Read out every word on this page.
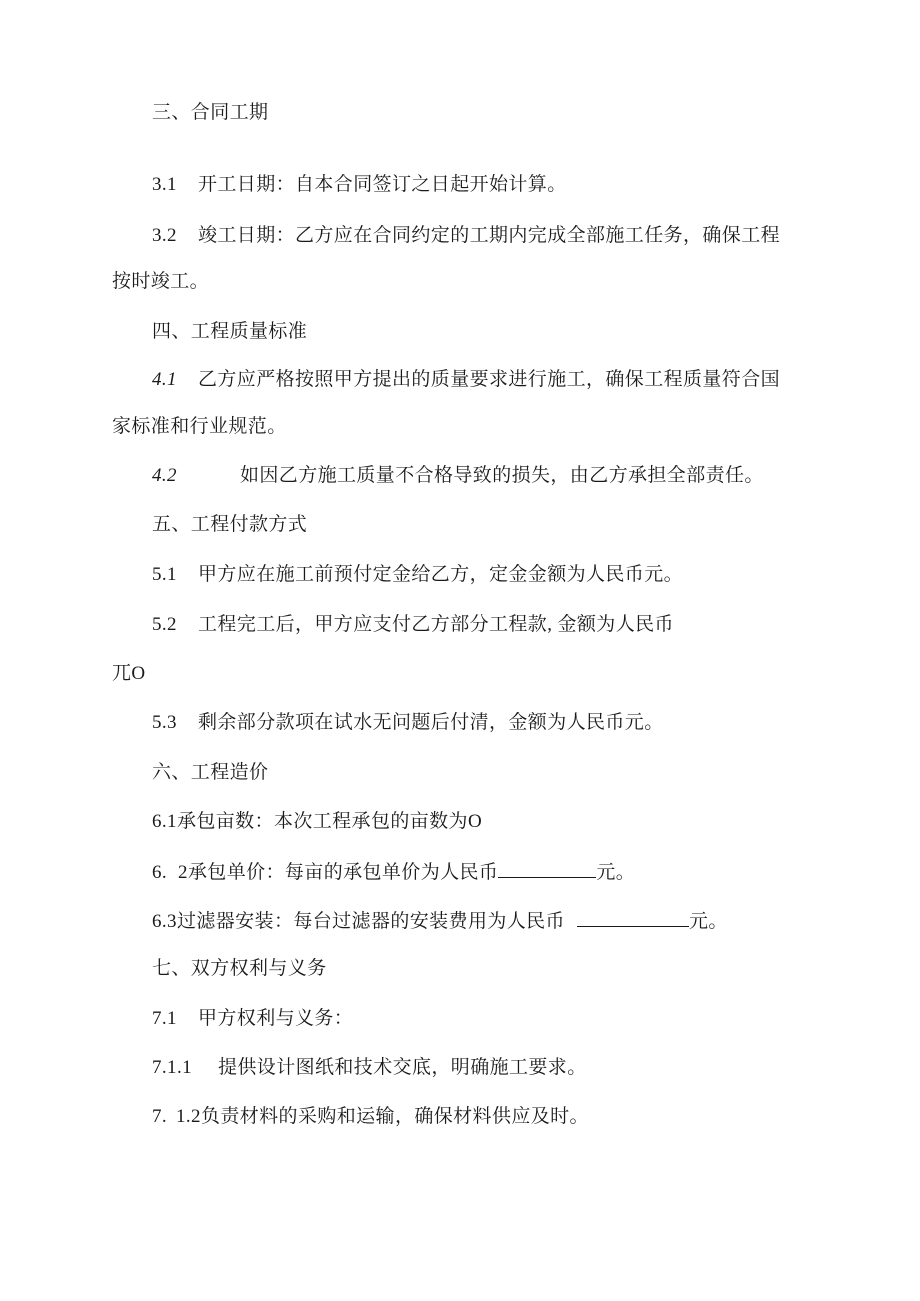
三、合同工期
3.1 开工日期：自本合同签订之日起开始计算。
3.2 竣工日期：乙方应在合同约定的工期内完成全部施工任务，确保工程
按时竣工。
四、工程质量标准
4.1 乙方应严格按照甲方提出的质量要求进行施工，确保工程质量符合国
家标准和行业规范。
4.2	如因乙方施工质量不合格导致的损失，由乙方承担全部责任。
五、工程付款方式
5.1 甲方应在施工前预付定金给乙方，定金金额为人民币元。
5.2 工程完工后，甲方应支付乙方部分工程款, 金额为人民币
兀O
5.3 剩余部分款项在试水无问题后付清，金额为人民币元。
六、工程造价
6.1承包亩数：本次工程承包的亩数为O
6. 2承包单价：每亩的承包单价为人民币	元。
6.3过滤器安装：每台过滤器的安装费用为人民币	元。
七、双方权利与义务
7.1 甲方权利与义务：
7.1.1 提供设计图纸和技术交底，明确施工要求。
7. 1.2负责材料的采购和运输，确保材料供应及时。
